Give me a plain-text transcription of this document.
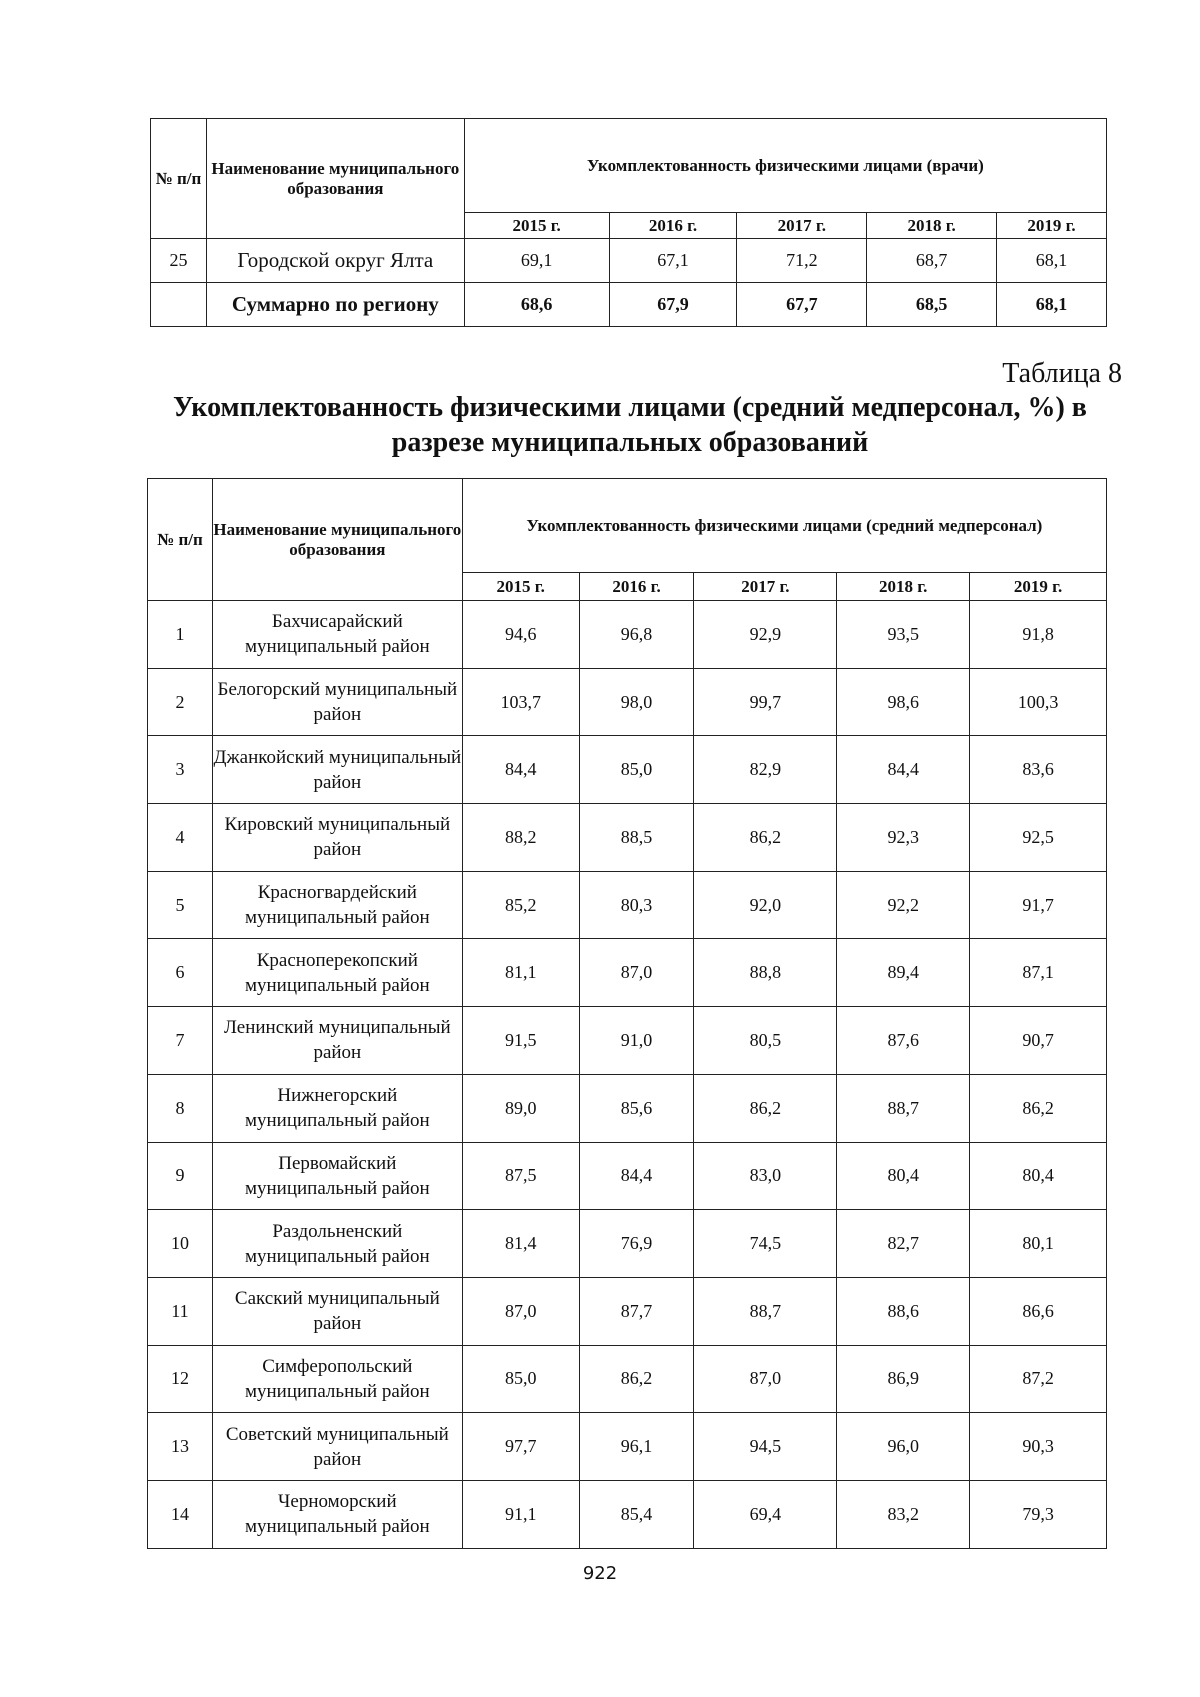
№ п/п	Наименование муниципального образования	Укомплектованность физическими лицами (врачи)				
		2015 г.	2016 г.	2017 г.	2018 г.	2019 г.
25	Городской округ Ялта	69,1	67,1	71,2	68,7	68,1
	Суммарно по региону	68,6	67,9	67,7	68,5	68,1
Таблица 8
Укомплектованность физическими лицами (средний медперсонал, %) в разрезе муниципальных образований
№ п/п	Наименование муниципального образования	Укомплектованность физическими лицами (средний медперсонал)				
		2015 г.	2016 г.	2017 г.	2018 г.	2019 г.
1	Бахчисарайский муниципальный район	94,6	96,8	92,9	93,5	91,8
2	Белогорский муниципальный район	103,7	98,0	99,7	98,6	100,3
3	Джанкойский муниципальный район	84,4	85,0	82,9	84,4	83,6
4	Кировский муниципальный район	88,2	88,5	86,2	92,3	92,5
5	Красногвардейский муниципальный район	85,2	80,3	92,0	92,2	91,7
6	Красноперекопский муниципальный район	81,1	87,0	88,8	89,4	87,1
7	Ленинский муниципальный район	91,5	91,0	80,5	87,6	90,7
8	Нижнегорский муниципальный район	89,0	85,6	86,2	88,7	86,2
9	Первомайский муниципальный район	87,5	84,4	83,0	80,4	80,4
10	Раздольненский муниципальный район	81,4	76,9	74,5	82,7	80,1
11	Сакский муниципальный район	87,0	87,7	88,7	88,6	86,6
12	Симферопольский муниципальный район	85,0	86,2	87,0	86,9	87,2
13	Советский муниципальный район	97,7	96,1	94,5	96,0	90,3
14	Черноморский муниципальный район	91,1	85,4	69,4	83,2	79,3
922
